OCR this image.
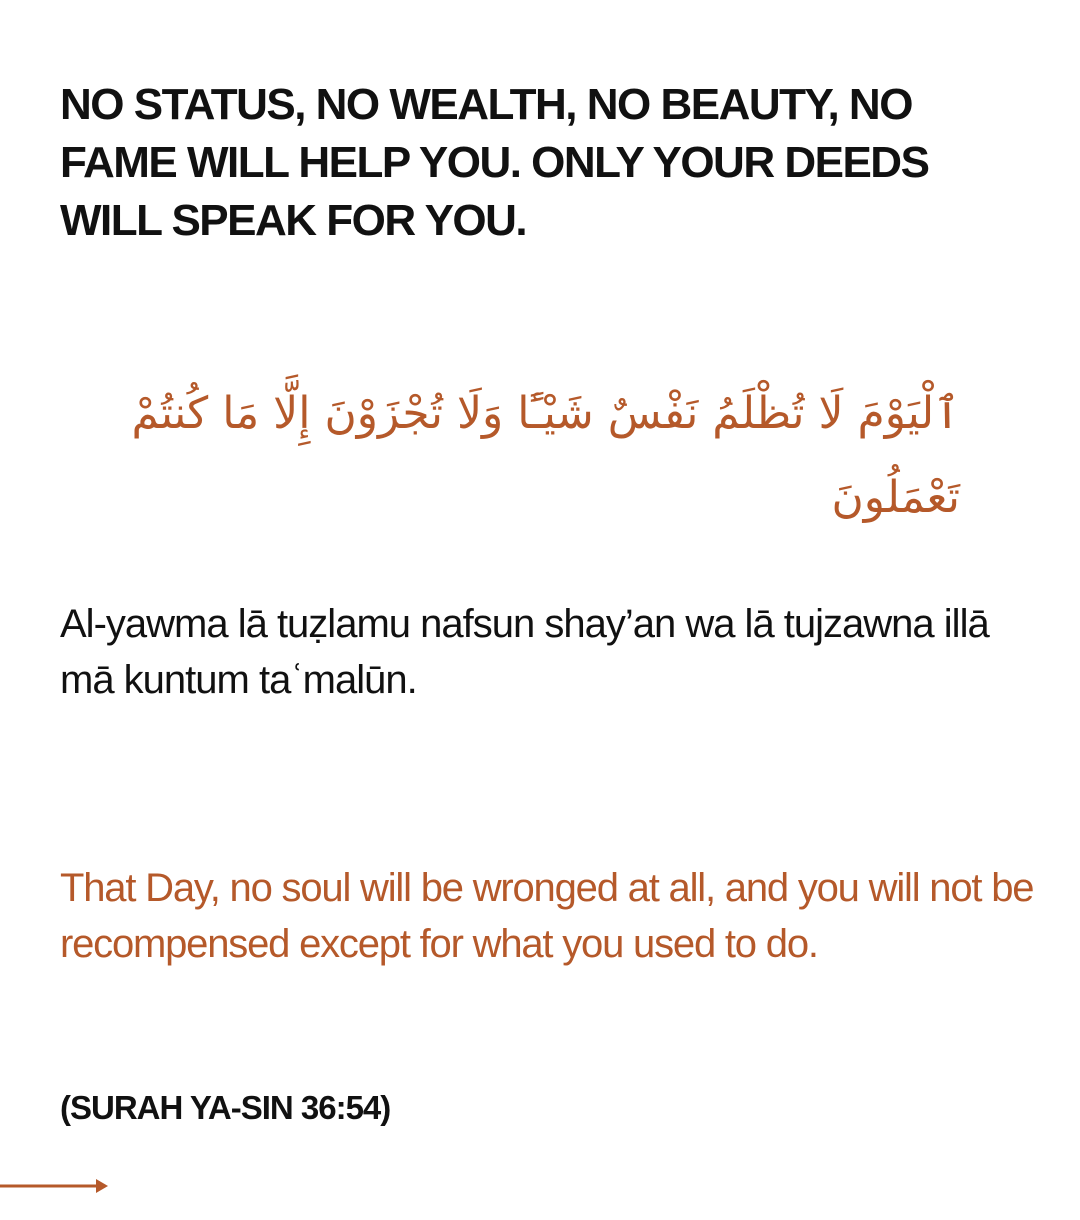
NO STATUS, NO WEALTH, NO BEAUTY, NO FAME WILL HELP YOU. ONLY YOUR DEEDS WILL SPEAK FOR YOU.

ٱلْيَوْمَ لَا تُظْلَمُ نَفْسٌ شَيْـًٔا وَلَا تُجْزَوْنَ إِلَّا مَا كُنتُمْ تَعْمَلُونَ

Al-yawma lā tuẓlamu nafsun shay’an wa lā tujzawna illā mā kuntum taʿmalūn.

That Day, no soul will be wronged at all, and you will not be recompensed except for what you used to do.

(SURAH YA-SIN 36:54)
